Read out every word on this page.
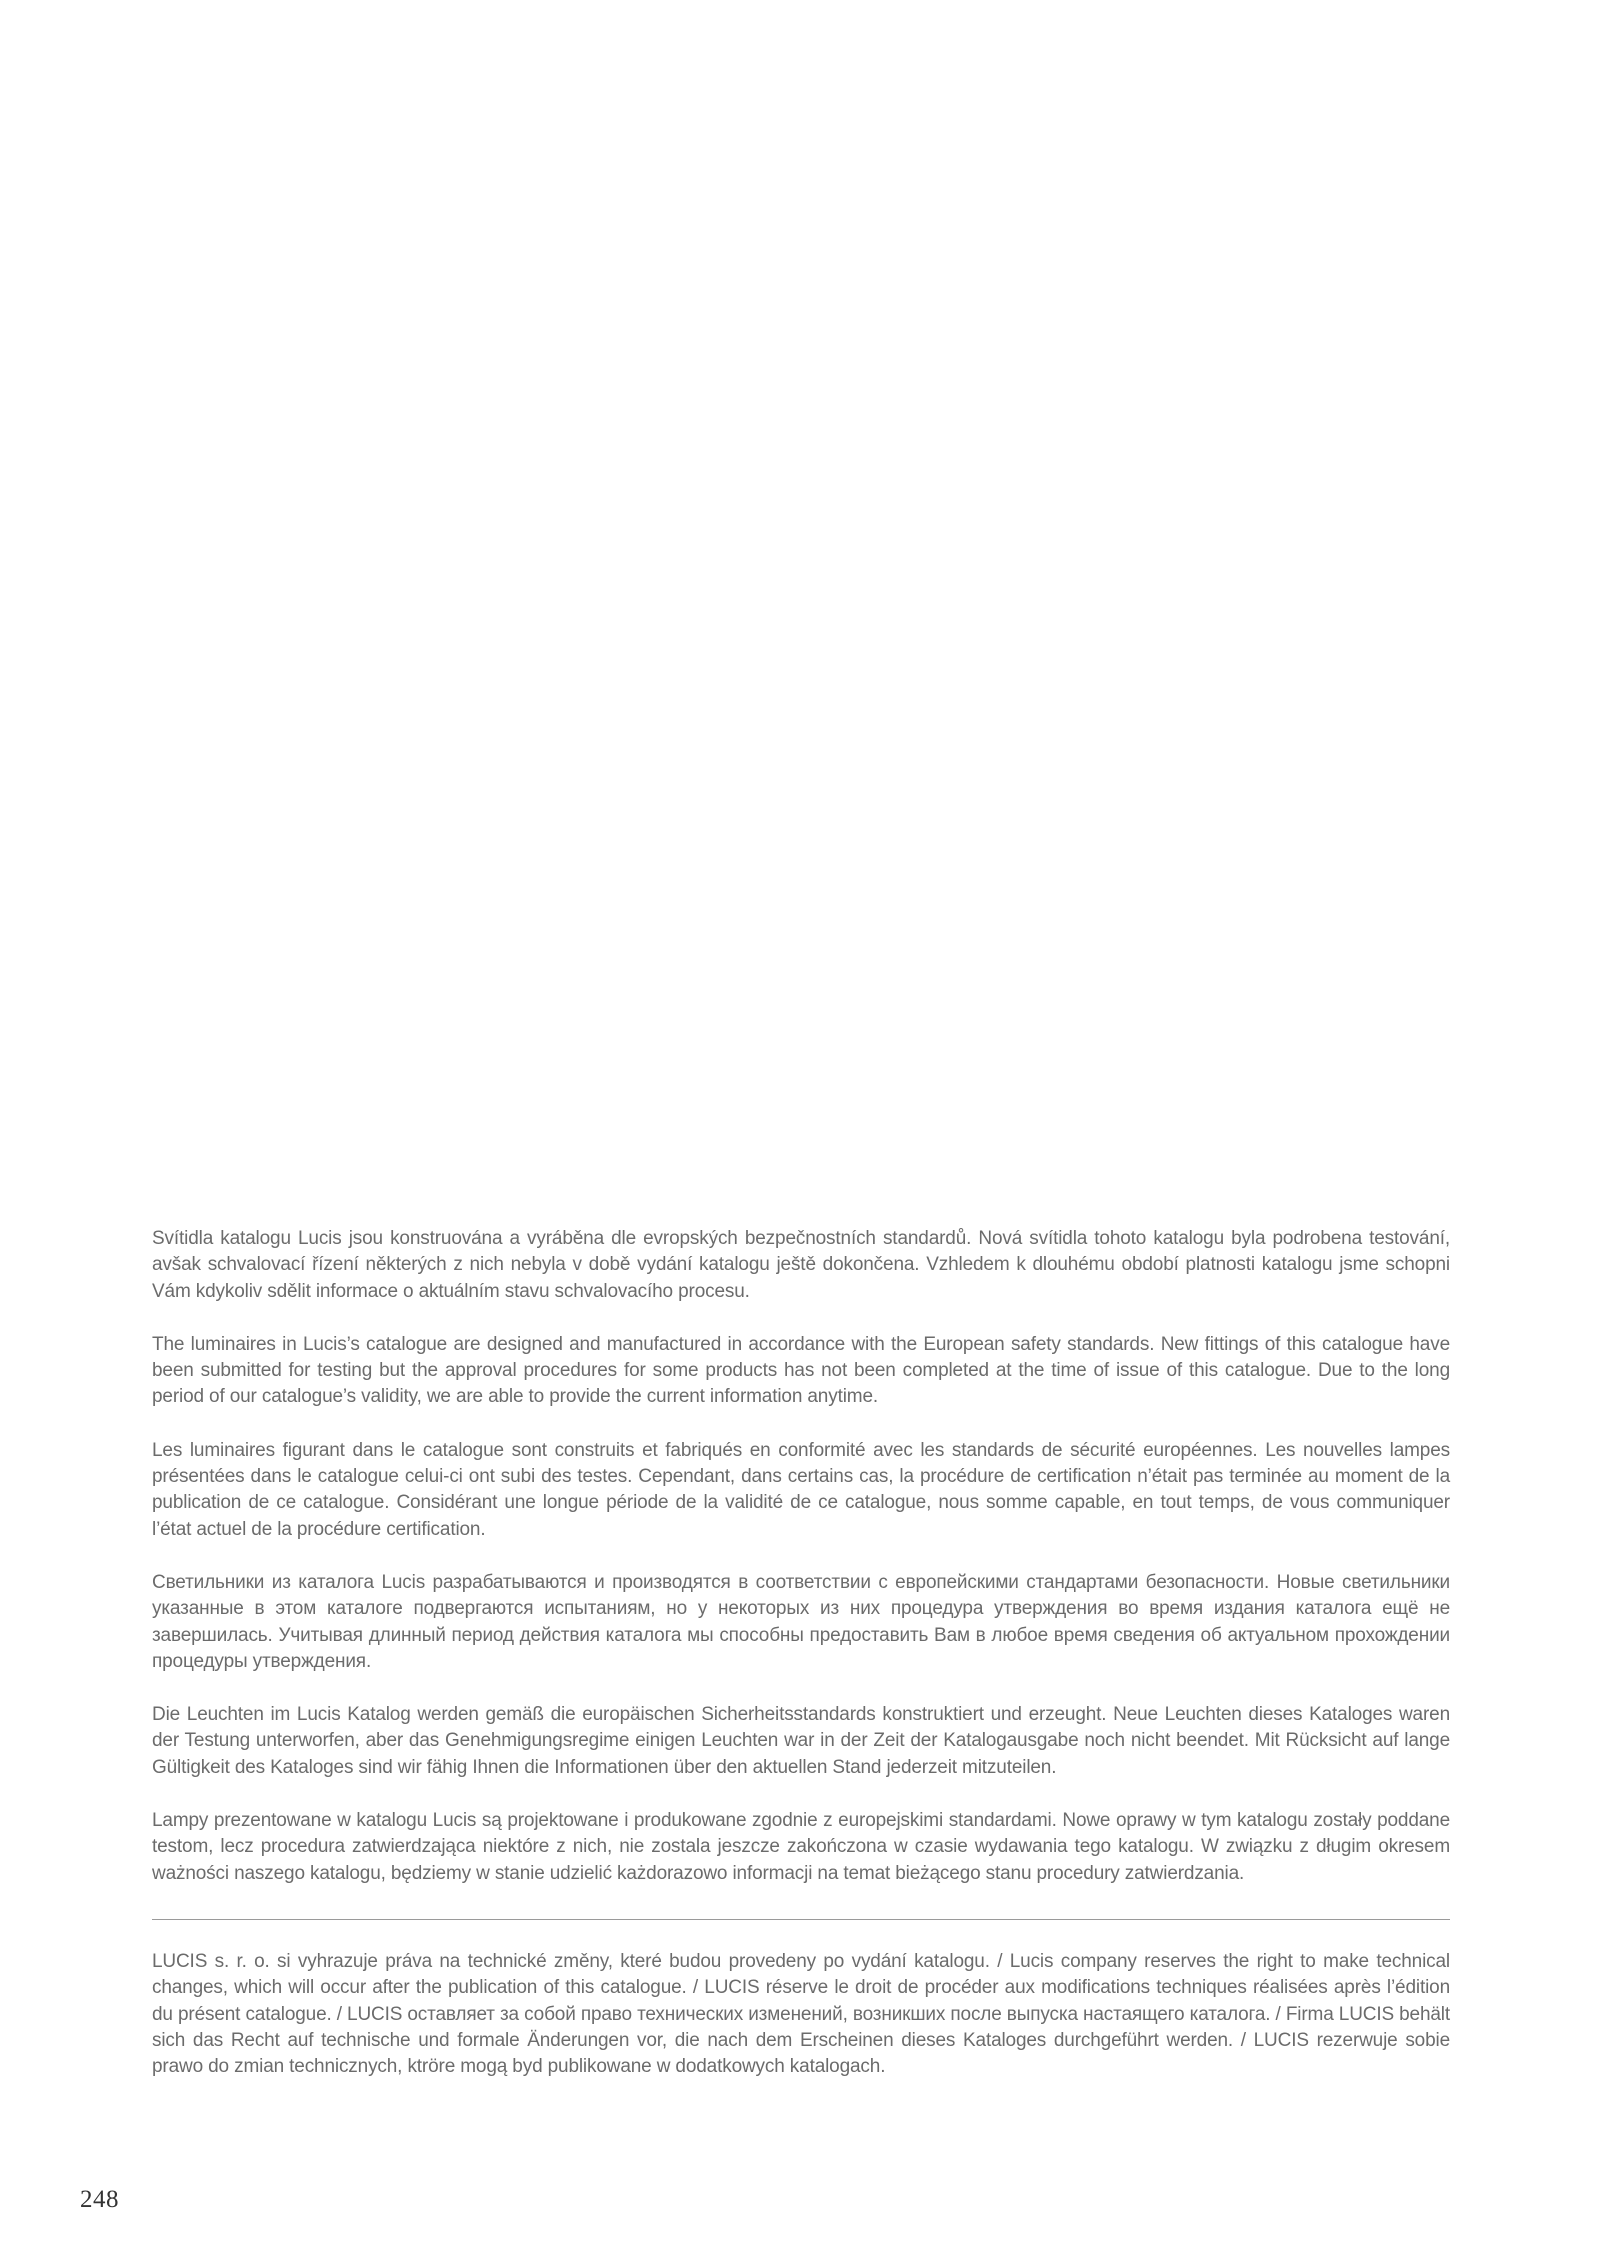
Svítidla katalogu Lucis jsou konstruována a vyráběna dle evropských bezpečnostních standardů. Nová svítidla tohoto katalogu byla podrobena testování, avšak schvalovací řízení některých z nich nebyla v době vydání katalogu ještě dokončena. Vzhledem k dlouhému období platnosti katalogu jsme schopni Vám kdykoliv sdělit informace o aktuálním stavu schvalovacího procesu.

The luminaires in Lucis’s catalogue are designed and manufactured in accordance with the European safety standards. New fittings of this catalogue have been submitted for testing but the approval procedures for some products has not been completed at the time of issue of this catalogue. Due to the long period of our catalogue’s validity, we are able to provide the current information anytime.

Les luminaires figurant dans le catalogue sont construits et fabriqués en conformité avec les standards de sécurité européennes. Les nouvelles lampes présentées dans le catalogue celui-ci ont subi des testes. Cependant, dans certains cas, la procédure de certification n’était pas terminée au moment de la publication de ce catalogue. Considérant une longue période de la validité de ce catalogue, nous somme capable, en tout temps, de vous communiquer l’état actuel de la procédure certification.

Светильники из каталога Lucis разрабатываются и производятся в соответствии с европейскими стандартами безопасности. Новые светильники указанные в этом каталоге подвергаются испытаниям, но у некоторых из них процедура утверждения во время издания каталога ещё не завершилась. Учитывая длинный период действия каталога мы способны предоставить Вам в любое время сведения об актуальном прохождении процедуры утверждения.

Die Leuchten im Lucis Katalog werden gemäß die europäischen Sicherheitsstandards konstruktiert und erzeught. Neue Leuchten dieses Kataloges waren der Testung unterworfen, aber das Genehmigungsregime einigen Leuchten war in der Zeit der Katalogausgabe noch nicht beendet. Mit Rücksicht auf lange Gültigkeit des Kataloges sind wir fähig Ihnen die Informationen über den aktuellen Stand jederzeit mitzuteilen.

Lampy prezentowane w katalogu Lucis są projektowane i produkowane zgodnie z europejskimi standardami. Nowe oprawy w tym katalogu zostały poddane testom, lecz procedura zatwierdzająca niektóre z nich, nie zostala jeszcze zakończona w czasie wydawania tego katalogu. W związku z długim okresem ważności naszego katalogu, będziemy w stanie udzielić każdorazowo informacji na temat bieżącego stanu procedury zatwierdzania.

LUCIS s. r. o. si vyhrazuje práva na technické změny, které budou provedeny po vydání katalogu. / Lucis company reserves the right to make technical changes, which will occur after the publication of this catalogue. / LUCIS réserve le droit de procéder aux modifications techniques réalisées après l’édition du présent catalogue. / LUCIS оставляет за собой право технических изменений, возникших после выпуска настаящего каталога. / Firma LUCIS behält sich das Recht auf technische und formale Änderungen vor, die nach dem Erscheinen dieses Kataloges durchgeführt werden. / LUCIS rezerwuje sobie prawo do zmian technicznych, ktröre mogą byd publikowane w dodatkowych katalogach.

248
